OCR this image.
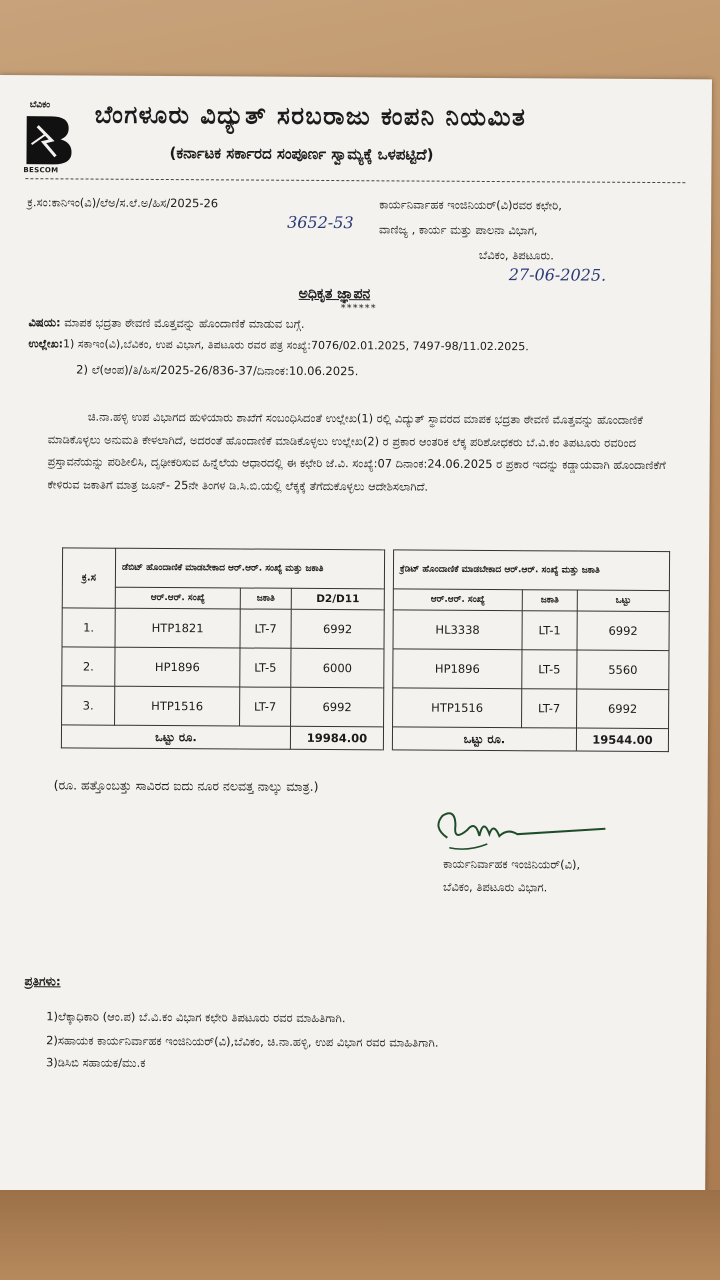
ಬೆವಿಕಂ
BESCOM
ಬೆಂಗಳೂರು ವಿದ್ಯುತ್ ಸರಬರಾಜು ಕಂಪನಿ ನಿಯಮಿತ
(ಕರ್ನಾಟಕ ಸರ್ಕಾರದ ಸಂಪೂರ್ಣ ಸ್ವಾಮ್ಯಕ್ಕೆ ಒಳಪಟ್ಟಿದೆ)
ಕ್ರ.ಸಂ:ಕಾನಿಇಂ(ವಿ)/ಲೆಅ/ಸ.ಲೆ.ಅ/ಹಿಸ/2025-26
3652-53
ಕಾರ್ಯನಿರ್ವಾಹಕ ಇಂಜಿನಿಯರ್(ವಿ)ರವರ ಕಛೇರಿ,
ವಾಣಿಜ್ಯ , ಕಾರ್ಯ ಮತ್ತು ಪಾಲನಾ ವಿಭಾಗ,
ಬೆವಿಕಂ, ತಿಪಟೂರು.
27-06-2025.
ಅಧಿಕೃತ ಜ್ಞಾಪನ
******
ವಿಷಯ: ಮಾಪಕ ಭದ್ರತಾ ಠೇವಣಿ ಮೊತ್ತವನ್ನು ಹೊಂದಾಣಿಕೆ ಮಾಡುವ ಬಗ್ಗೆ.
ಉಲ್ಲೇಖ:1) ಸಕಾಇಂ(ವಿ),ಬೆವಿಕಂ, ಉಪ ವಿಭಾಗ, ತಿಪಟೂರು ರವರ ಪತ್ರ ಸಂಖ್ಯೆ:7076/02.01.2025, 7497-98/11.02.2025.
2) ಲೆ(ಆಂಪ)/ತಿ/ಹಿಸ/2025-26/836-37/ದಿನಾಂಕ:10.06.2025.
ಚಿ.ನಾ.ಹಳ್ಳಿ ಉಪ ವಿಭಾಗದ ಹುಳಿಯಾರು ಶಾಖೆಗೆ ಸಂಬಂಧಿಸಿದಂತೆ ಉಲ್ಲೇಖ(1) ರಲ್ಲಿ ವಿದ್ಯುತ್ ಸ್ಥಾವರದ ಮಾಪಕ ಭದ್ರತಾ ಠೇವಣಿ ಮೊತ್ತವನ್ನು ಹೊಂದಾಣಿಕೆ ಮಾಡಿಕೊಳ್ಳಲು ಅನುಮತಿ ಕೇಳಲಾಗಿದೆ, ಅದರಂತೆ ಹೊಂದಾಣಿಕೆ ಮಾಡಿಕೊಳ್ಳಲು ಉಲ್ಲೇಖ(2) ರ ಪ್ರಕಾರ ಆಂತರಿಕ ಲೆಕ್ಕ ಪರಿಶೋಧಕರು ಬೆ.ವಿ.ಕಂ ತಿಪಟೂರು ರವರಿಂದ ಪ್ರಸ್ತಾವನೆಯನ್ನು ಪರಿಶೀಲಿಸಿ, ದೃಢೀಕರಿಸುವ ಹಿನ್ನೆಲೆಯ ಆಧಾರದಲ್ಲಿ ಈ ಕಛೇರಿ ಜೆ.ವಿ. ಸಂಖ್ಯೆ:07 ದಿನಾಂಕ:24.06.2025 ರ ಪ್ರಕಾರ ಇದನ್ನು ಕಡ್ಡಾಯವಾಗಿ ಹೊಂದಾಣಿಕೆಗೆ ಕೇಳಿರುವ ಜಕಾತಿಗೆ ಮಾತ್ರ ಜೂನ್- 25ನೇ ತಿಂಗಳ ಡಿ.ಸಿ.ಬಿ.ಯಲ್ಲಿ ಲೆಕ್ಕಕ್ಕೆ ತೆಗೆದುಕೊಳ್ಳಲು ಆದೇಶಿಸಲಾಗಿದೆ.
ಕ್ರ.ಸ	ಡೆಬಿಟ್ ಹೊಂದಾಣಿಕೆ ಮಾಡಬೇಕಾದ ಆರ್.ಆರ್. ಸಂಖ್ಯೆ ಮತ್ತು ಜಕಾತಿ				ಕ್ರೆಡಿಟ್ ಹೊಂದಾಣಿಕೆ ಮಾಡಬೇಕಾದ ಆರ್.ಆರ್. ಸಂಖ್ಯೆ ಮತ್ತು ಜಕಾತಿ		
	ಆರ್.ಆರ್. ಸಂಖ್ಯೆ	ಜಕಾತಿ	D2/D11		ಆರ್.ಆರ್. ಸಂಖ್ಯೆ	ಜಕಾತಿ	ಒಟ್ಟು
1.	HTP1821	LT-7	6992		HL3338	LT-1	6992
2.	HP1896	LT-5	6000		HP1896	LT-5	5560
3.	HTP1516	LT-7	6992		HTP1516	LT-7	6992
ಒಟ್ಟು ರೂ.			19984.00		ಒಟ್ಟು ರೂ.		19544.00
(ರೂ. ಹತ್ತೊಂಬತ್ತು ಸಾವಿರದ ಐದು ನೂರ ನಲವತ್ತ ನಾಲ್ಕು ಮಾತ್ರ.)
ಕಾರ್ಯನಿರ್ವಾಹಕ ಇಂಜಿನಿಯರ್(ವಿ),
ಬೆವಿಕಂ, ತಿಪಟೂರು ವಿಭಾಗ.
ಪ್ರತಿಗಳು:
1)ಲೆಕ್ಕಾಧಿಕಾರಿ (ಆಂ.ಪ) ಬೆ.ವಿ.ಕಂ ವಿಭಾಗ ಕಛೇರಿ ತಿಪಟೂರು ರವರ ಮಾಹಿತಿಗಾಗಿ.
2)ಸಹಾಯಕ ಕಾರ್ಯನಿರ್ವಾಹಕ ಇಂಜಿನಿಯರ್(ವಿ),ಬೆವಿಕಂ, ಚಿ.ನಾ.ಹಳ್ಳಿ, ಉಪ ವಿಭಾಗ ರವರ ಮಾಹಿತಿಗಾಗಿ.
3)ಡಿಸಿಬಿ ಸಹಾಯಕ/ಮು.ಕ
